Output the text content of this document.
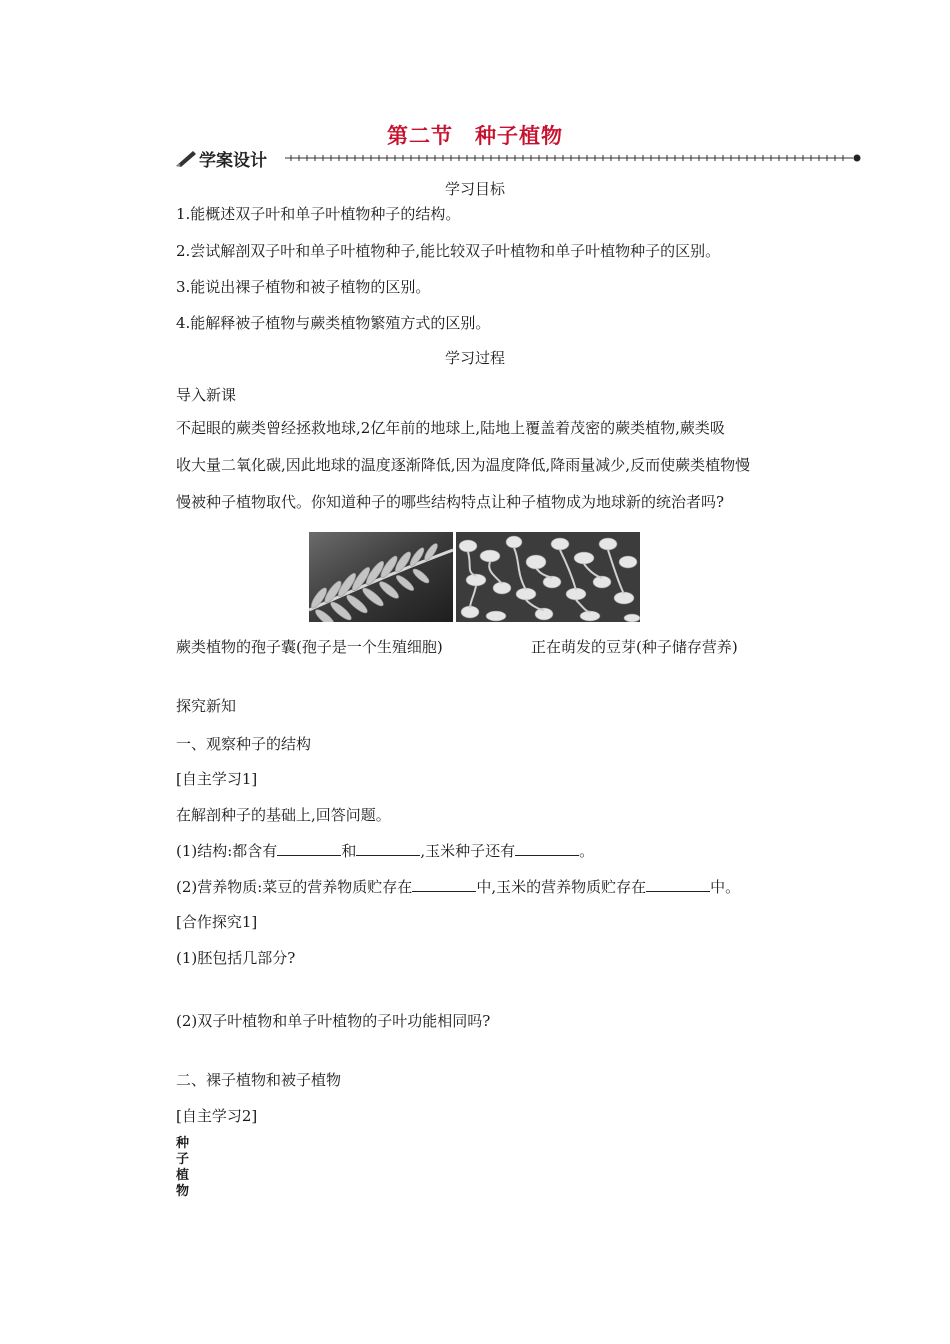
第二节　种子植物
学案设计
学习目标
1.能概述双子叶和单子叶植物种子的结构。
2.尝试解剖双子叶和单子叶植物种子,能比较双子叶植物和单子叶植物种子的区别。
3.能说出裸子植物和被子植物的区别。
4.能解释被子植物与蕨类植物繁殖方式的区别。
学习过程
导入新课
不起眼的蕨类曾经拯救地球,2亿年前的地球上,陆地上覆盖着茂密的蕨类植物,蕨类吸
收大量二氧化碳,因此地球的温度逐渐降低,因为温度降低,降雨量减少,反而使蕨类植物慢
慢被种子植物取代。你知道种子的哪些结构特点让种子植物成为地球新的统治者吗?
蕨类植物的孢子囊(孢子是一个生殖细胞)	正在萌发的豆芽(种子储存营养)
探究新知
一、观察种子的结构
[自主学习1]
在解剖种子的基础上,回答问题。
(1)结构:都含有	和	,玉米种子还有	。
(2)营养物质:菜豆的营养物质贮存在	中,玉米的营养物质贮存在	中。
[合作探究1]
(1)胚包括几部分?
(2)双子叶植物和单子叶植物的子叶功能相同吗?
二、裸子植物和被子植物
[自主学习2]
种
子
植
物
